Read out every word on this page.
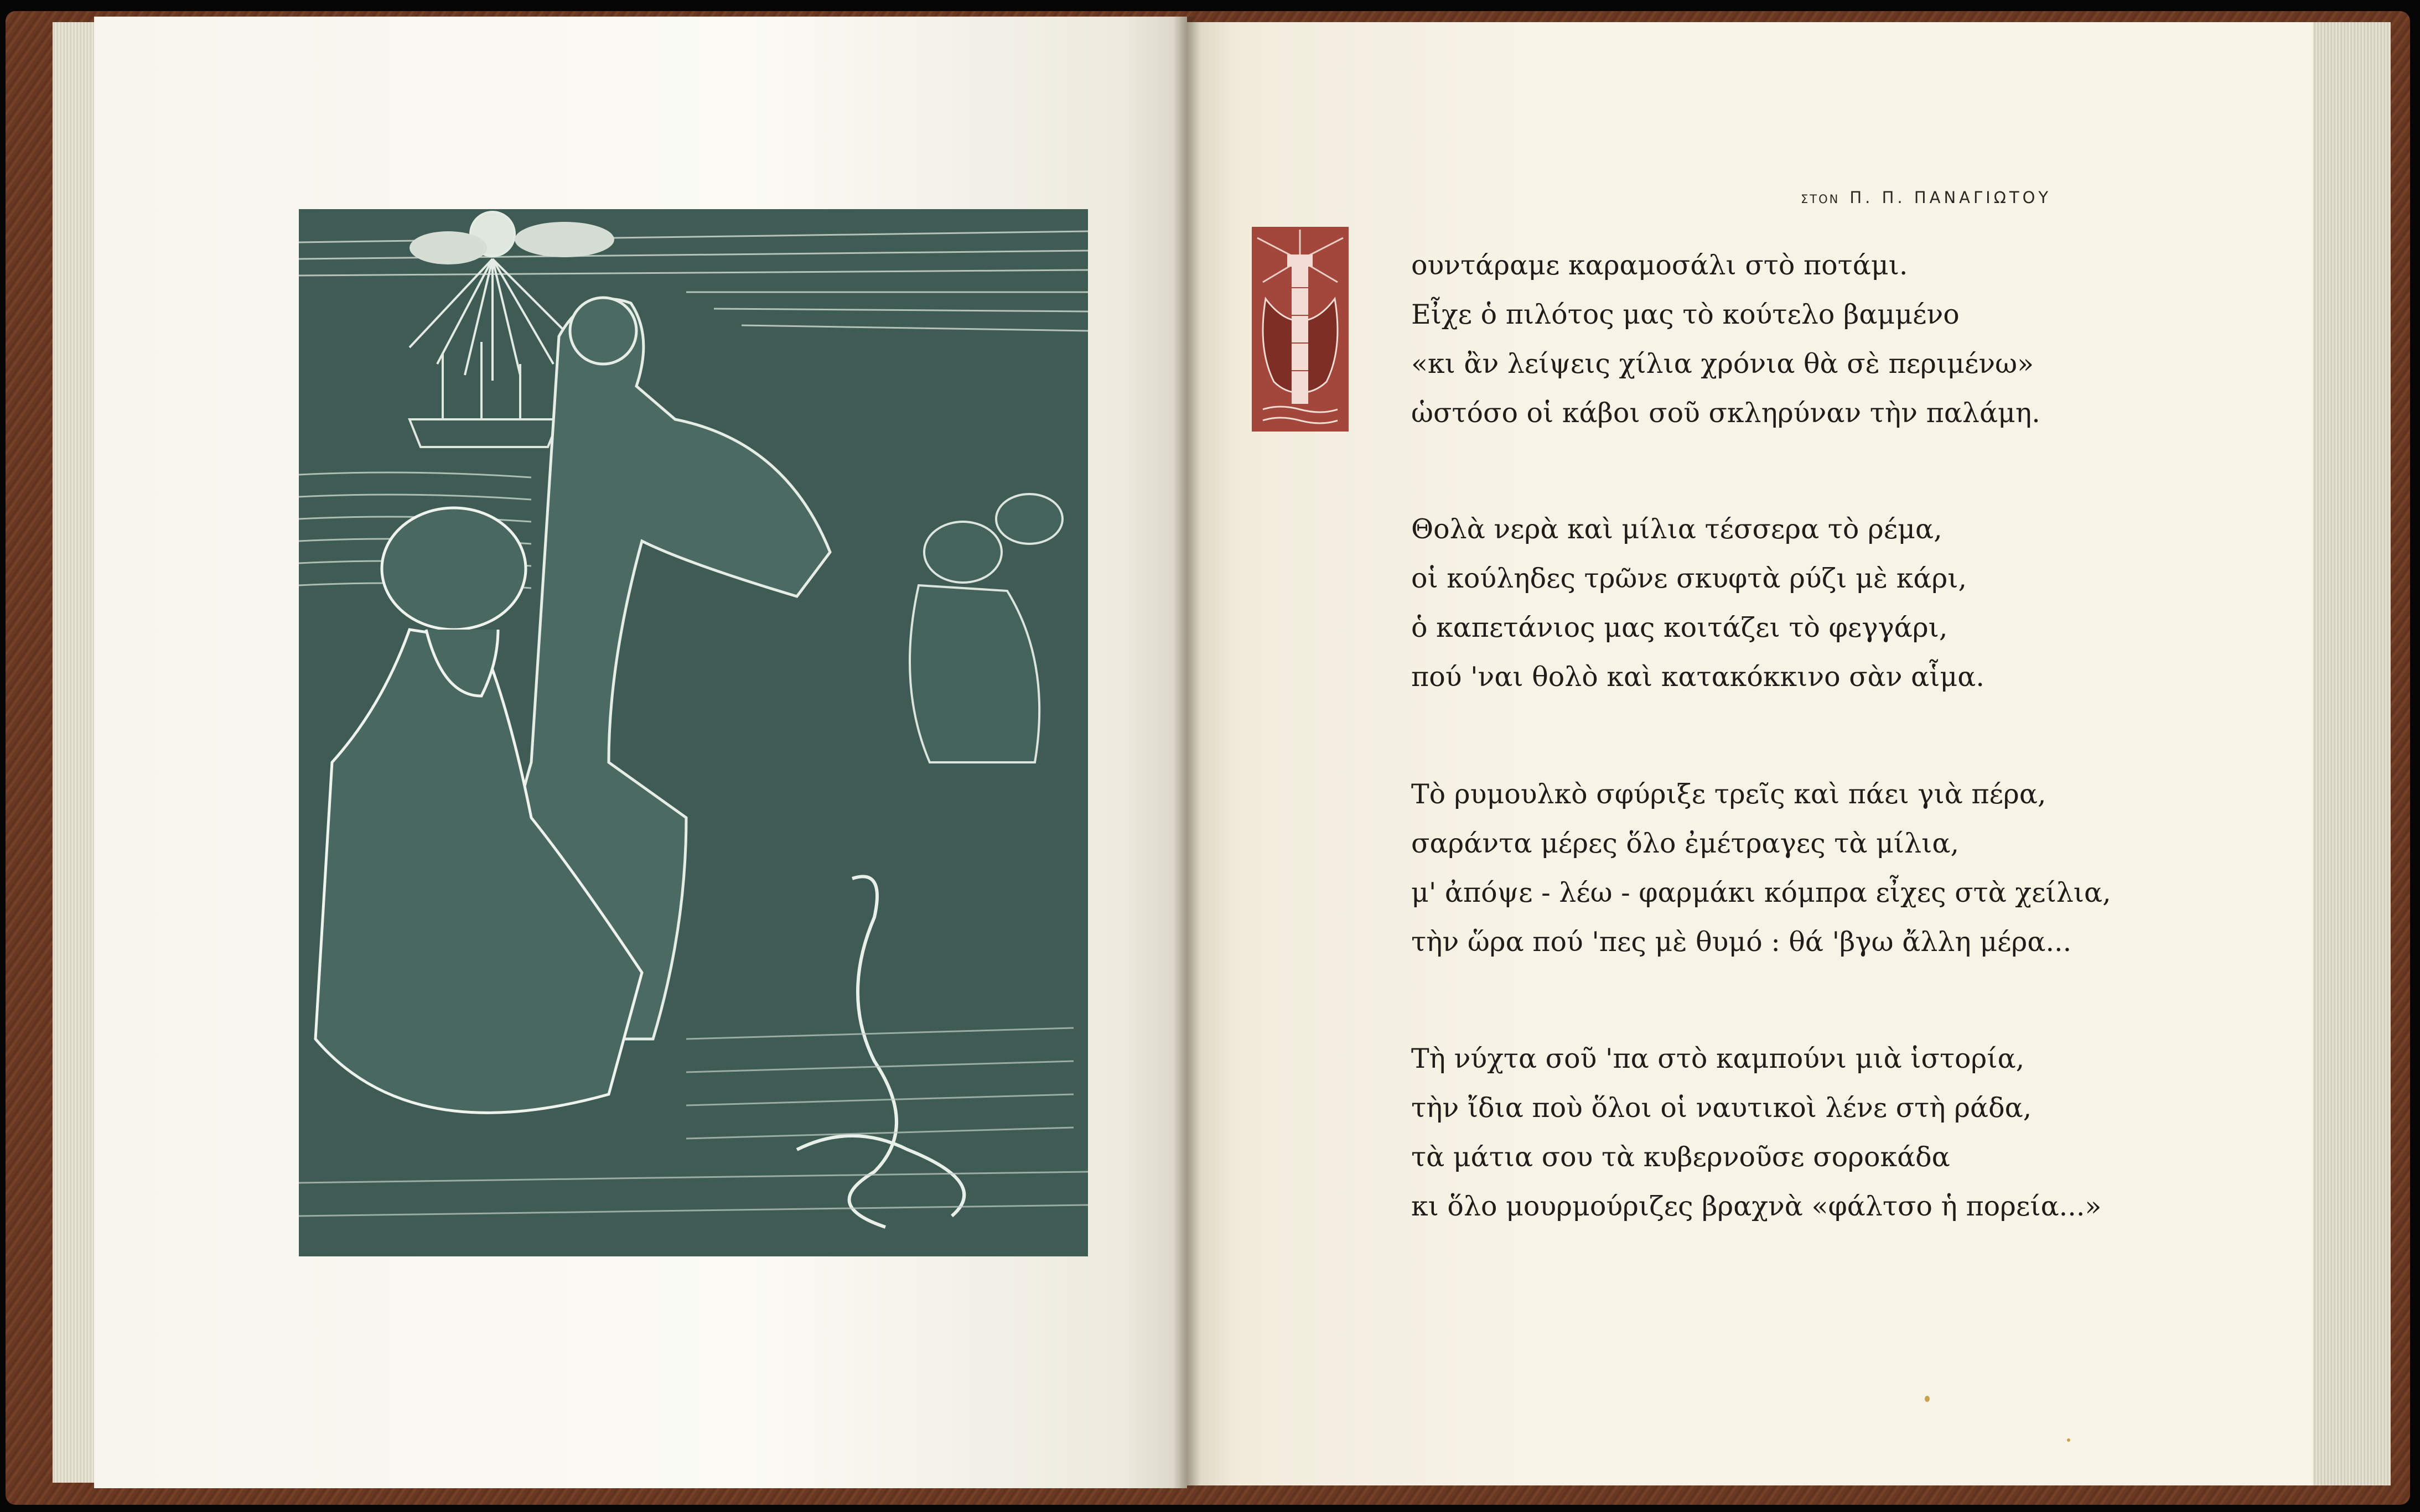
ΣΤΟΝ Π. Π. ΠΑΝΑΓΙΩΤΟΥ
ουντάραμε καραμοσάλι στὸ ποτάμι.
Εἶχε ὁ πιλότος μας τὸ κούτελο βαμμένο
«κι ἂν λείψεις χίλια χρόνια θὰ σὲ περιμένω»
ὡστόσο οἱ κάβοι σοῦ σκληρύναν τὴν παλάμη.
Θολὰ νερὰ καὶ μίλια τέσσερα τὸ ρέμα,
οἱ κούληδες τρῶνε σκυφτὰ ρύζι μὲ κάρι,
ὁ καπετάνιος μας κοιτάζει τὸ φεγγάρι,
πού 'ναι θολὸ καὶ κατακόκκινο σὰν αἷμα.
Τὸ ρυμουλκὸ σφύριξε τρεῖς καὶ πάει γιὰ πέρα,
σαράντα μέρες ὅλο ἐμέτραγες τὰ μίλια,
μ' ἀπόψε - λέω - φαρμάκι κόμπρα εἶχες στὰ χείλια,
τὴν ὥρα πού 'πες μὲ θυμό : θά 'βγω ἄλλη μέρα...
Τὴ νύχτα σοῦ 'πα στὸ καμπούνι μιὰ ἱστορία,
τὴν ἴδια ποὺ ὅλοι οἱ ναυτικοὶ λένε στὴ ράδα,
τὰ μάτια σου τὰ κυβερνοῦσε σοροκάδα
κι ὅλο μουρμούριζες βραχνὰ «φάλτσο ἡ πορεία...»
